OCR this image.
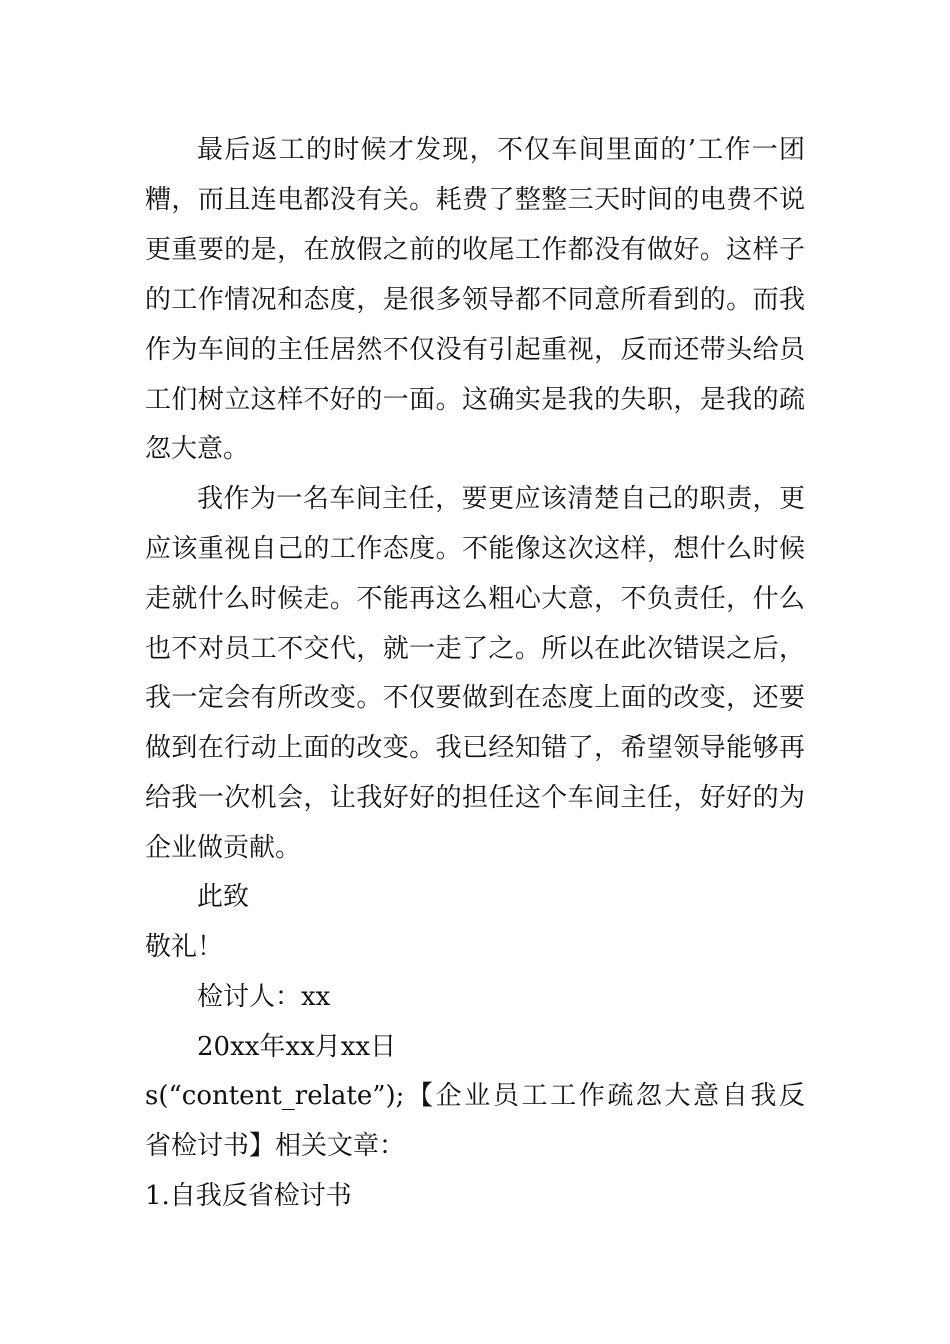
最后返工的时候才发现，不仅车间里面的’工作一团

糟，而且连电都没有关。耗费了整整三天时间的电费不说

更重要的是，在放假之前的收尾工作都没有做好。这样子

的工作情况和态度，是很多领导都不同意所看到的。而我

作为车间的主任居然不仅没有引起重视，反而还带头给员

工们树立这样不好的一面。这确实是我的失职，是我的疏

忽大意。

我作为一名车间主任，要更应该清楚自己的职责，更

应该重视自己的工作态度。不能像这次这样，想什么时候

走就什么时候走。不能再这么粗心大意，不负责任，什么

也不对员工不交代，就一走了之。所以在此次错误之后，

我一定会有所改变。不仅要做到在态度上面的改变，还要

做到在行动上面的改变。我已经知错了，希望领导能够再

给我一次机会，让我好好的担任这个车间主任，好好的为

企业做贡献。

此致

敬礼！

检讨人：xx

20xx年xx月xx日

s(“content_relate”);【企业员工工作疏忽大意自我反

省检讨书】相关文章：

1.自我反省检讨书
